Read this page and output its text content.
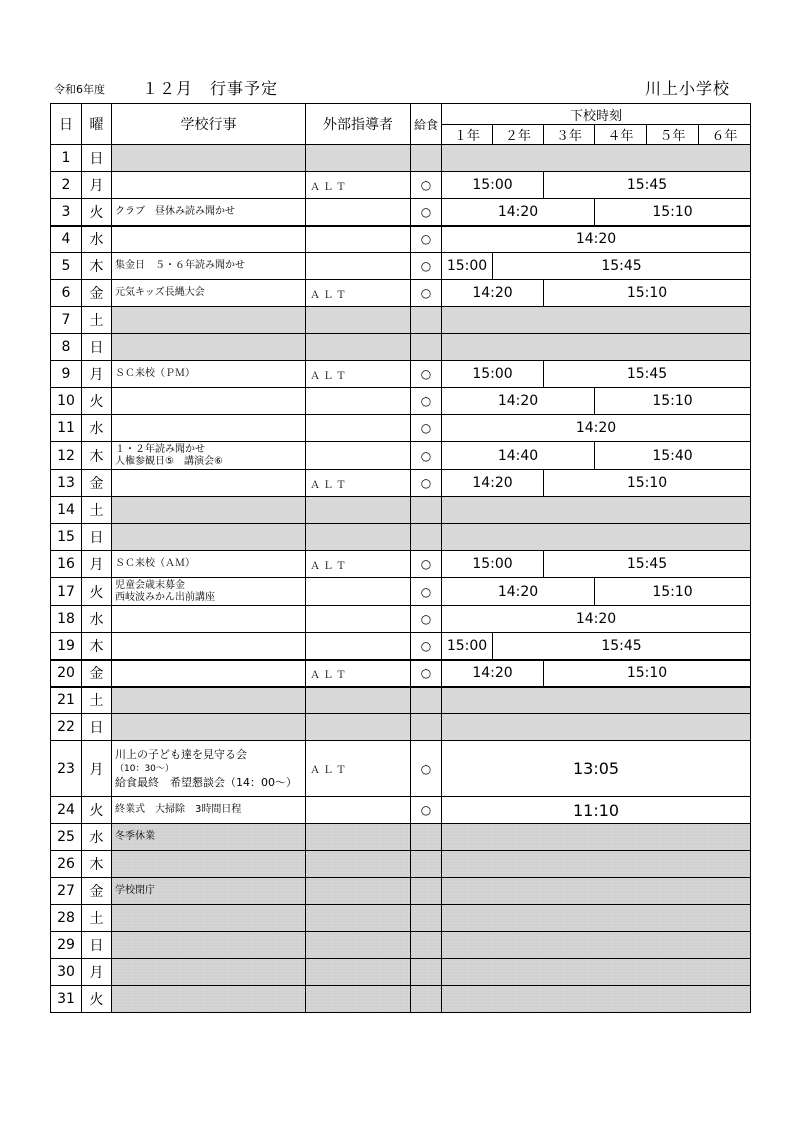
令和6年度 １２月　行事予定	川上小学校
日	曜	学校行事	外部指導者	給食	下校時刻					
					１年	２年	３年	４年	５年	６年
1	日									
2	月		ＡＬＴ	○	15:00		15:45			
3	火	クラブ　昼休み読み聞かせ		○	14:20			15:10		
4	水			○	14:20					
5	木	集金日　５・６年読み聞かせ		○	15:00	15:45				
6	金	元気キッズ長縄大会	ＡＬＴ	○	14:20		15:10			
7	土									
8	日									
9	月	ＳＣ来校（ＰＭ）	ＡＬＴ	○	15:00		15:45			
10	火			○	14:20			15:10		
11	水			○	14:20					
12	木	１・２年読み聞かせ
人権参観日⑤　講演会⑥		○	14:40			15:40		
13	金		ＡＬＴ	○	14:20		15:10			
14	土									
15	日									
16	月	ＳＣ来校（ＡＭ）	ＡＬＴ	○	15:00		15:45			
17	火	児童会歳末募金
西岐波みかん出前講座		○	14:20			15:10		
18	水			○	14:20					
19	木			○	15:00	15:45				
20	金		ＡＬＴ	○	14:20		15:10			
21	土									
22	日									
23	月	川上の子ども達を見守る会
（10：30～）
給食最終　希望懇談会（14：00～）	ＡＬＴ	○	13:05					
24	火	終業式　大掃除　3時間日程		○	11:10					
25	水	冬季休業								

26	木									
27	金	学校閉庁								

28	土									
29	日									
30	月									
31	火									
